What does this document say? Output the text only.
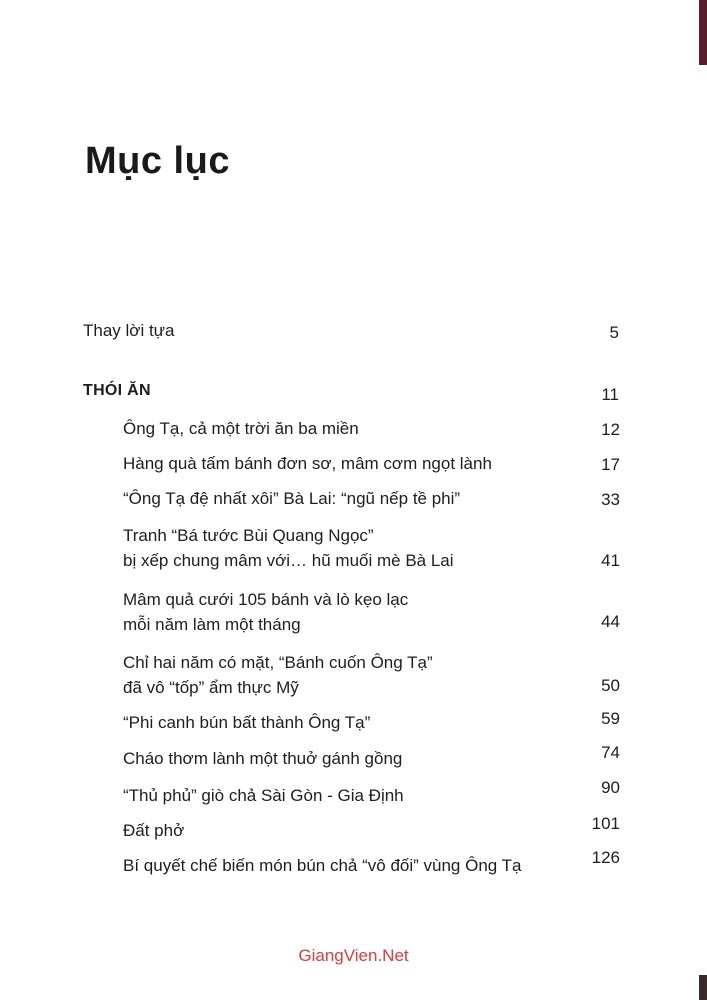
Mục lục
Thay lời tựa	5
THÓI ĂN	11
Ông Tạ, cả một trời ăn ba miền	12
Hàng quà tấm bánh đơn sơ, mâm cơm ngọt lành	17
“Ông Tạ đệ nhất xôi” Bà Lai: “ngũ nếp tề phi”	33
Tranh “Bá tước Bùi Quang Ngọc”
bị xếp chung mâm với… hũ muối mè Bà Lai	41
Mâm quả cưới 105 bánh và lò kẹo lạc
mỗi năm làm một tháng	44
Chỉ hai năm có mặt, “Bánh cuốn Ông Tạ”
đã vô “tốp” ẩm thực Mỹ	50
“Phi canh bún bất thành Ông Tạ”	59
Cháo thơm lành một thuở gánh gồng	74
“Thủ phủ” giò chả Sài Gòn - Gia Định	90
Đất phở	101
Bí quyết chế biến món bún chả “vô đối” vùng Ông Tạ	126
GiangVien.Net
